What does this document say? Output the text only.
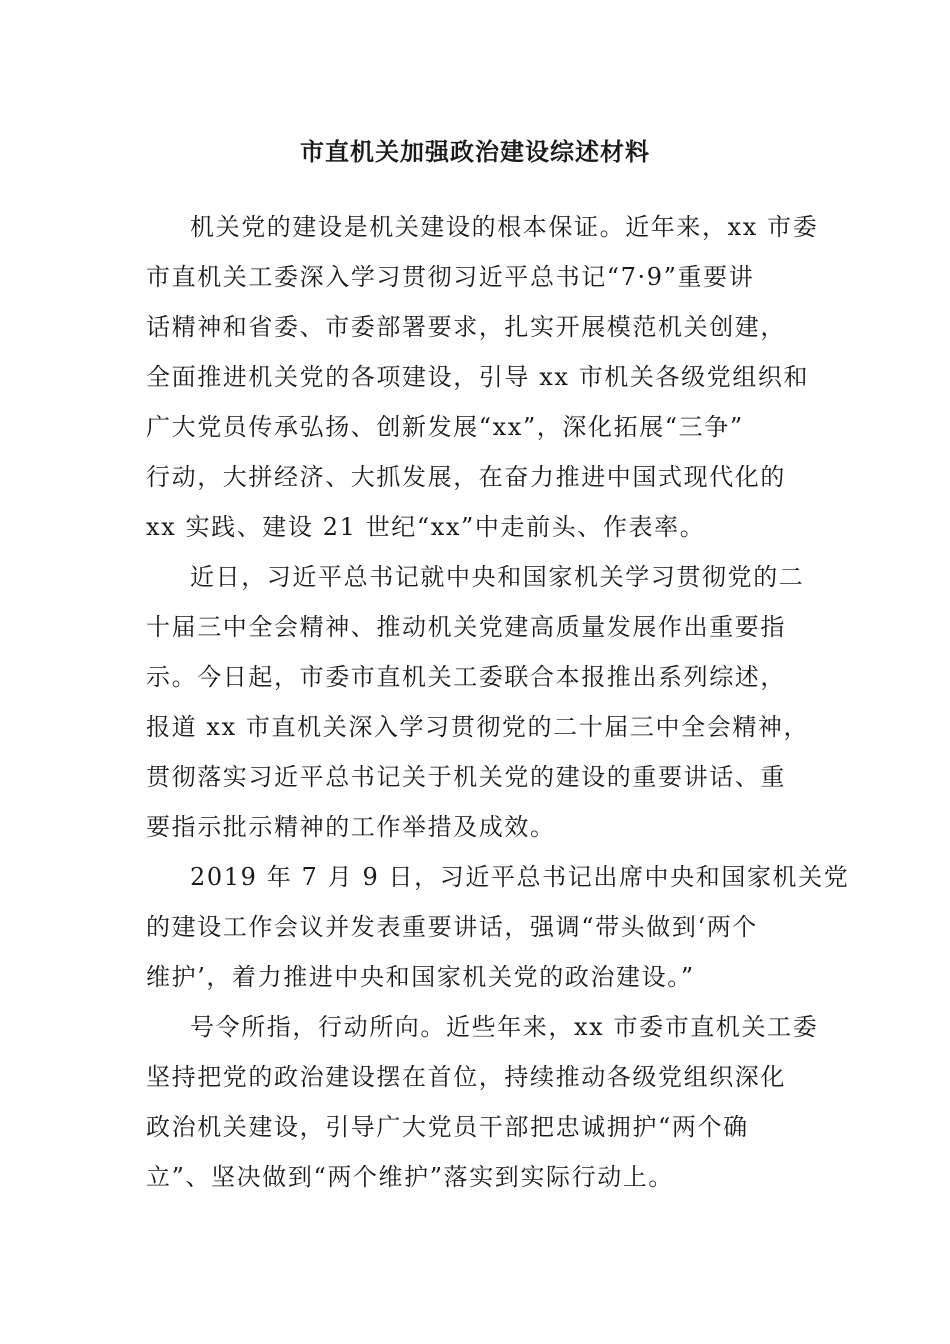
市直机关加强政治建设综述材料
机关党的建设是机关建设的根本保证。近年来，xx 市委
市直机关工委深入学习贯彻习近平总书记“7·9”重要讲
话精神和省委、市委部署要求，扎实开展模范机关创建，
全面推进机关党的各项建设，引导 xx 市机关各级党组织和
广大党员传承弘扬、创新发展“xx”，深化拓展“三争”
行动，大拼经济、大抓发展，在奋力推进中国式现代化的
xx 实践、建设 21 世纪“xx”中走前头、作表率。
近日，习近平总书记就中央和国家机关学习贯彻党的二
十届三中全会精神、推动机关党建高质量发展作出重要指
示。今日起，市委市直机关工委联合本报推出系列综述，
报道 xx 市直机关深入学习贯彻党的二十届三中全会精神，
贯彻落实习近平总书记关于机关党的建设的重要讲话、重
要指示批示精神的工作举措及成效。
2019 年 7 月 9 日，习近平总书记出席中央和国家机关党
的建设工作会议并发表重要讲话，强调“带头做到‘两个
维护’，着力推进中央和国家机关党的政治建设。”
号令所指，行动所向。近些年来，xx 市委市直机关工委
坚持把党的政治建设摆在首位，持续推动各级党组织深化
政治机关建设，引导广大党员干部把忠诚拥护“两个确
立”、坚决做到“两个维护”落实到实际行动上。
